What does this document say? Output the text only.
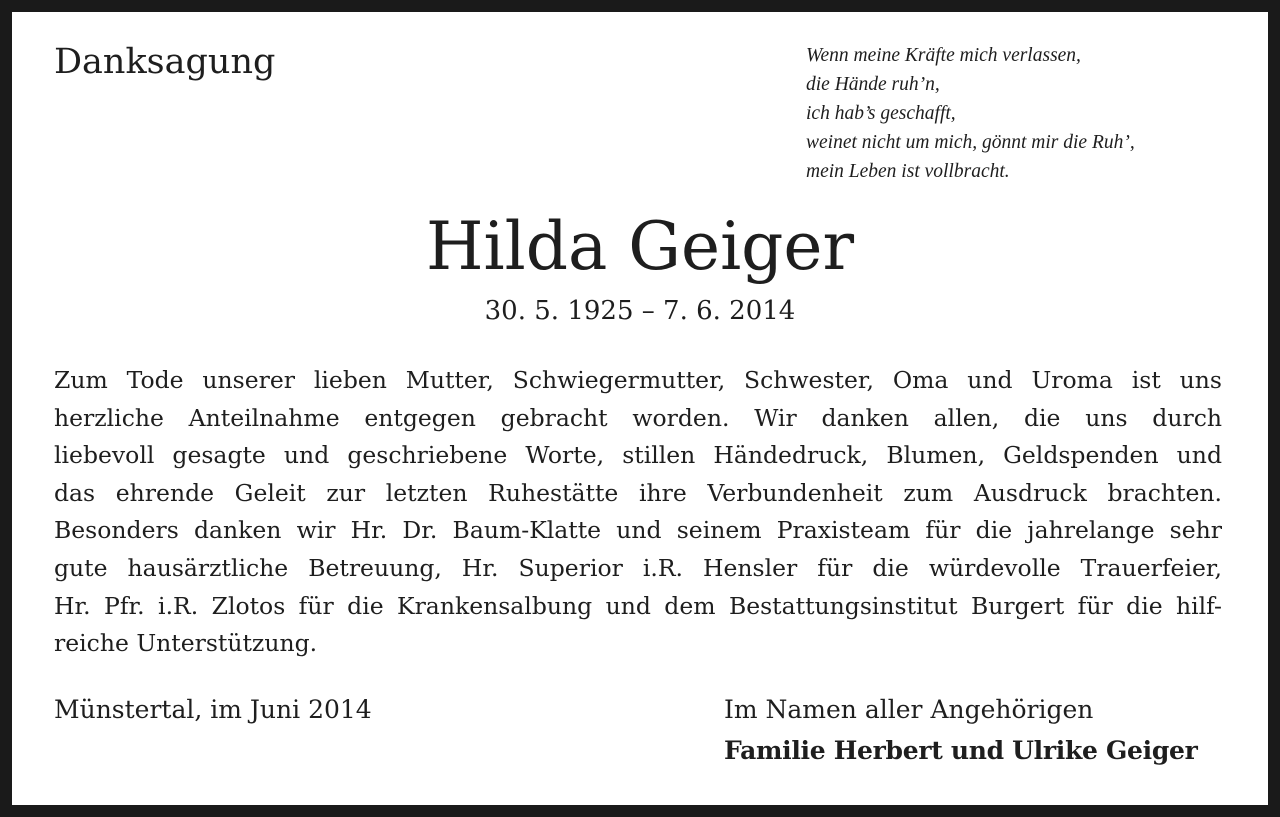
Danksagung	Wenn meine Kräfte mich verlassen,
die Hände ruh’n,
ich hab’s geschafft,
weinet nicht um mich, gönnt mir die Ruh’,
mein Leben ist vollbracht.
Hilda Geiger
30. 5. 1925 – 7. 6. 2014

Zum Tode unserer lieben Mutter, Schwiegermutter, Schwester, Oma und Uroma ist uns
herzliche Anteilnahme entgegen gebracht worden. Wir danken allen, die uns durch
liebevoll gesagte und geschriebene Worte, stillen Händedruck, Blumen, Geldspenden und
das ehrende Geleit zur letzten Ruhestätte ihre Verbundenheit zum Ausdruck brachten.
Besonders danken wir Hr. Dr. Baum-Klatte und seinem Praxisteam für die jahrelange sehr
gute hausärztliche Betreuung, Hr. Superior i.R. Hensler für die würdevolle Trauerfeier,
Hr. Pfr. i.R. Zlotos für die Krankensalbung und dem Bestattungsinstitut Burgert für die hilf-
reiche Unterstützung.

Münstertal, im Juni 2014	Im Namen aller Angehörigen
Familie Herbert und Ulrike Geiger
